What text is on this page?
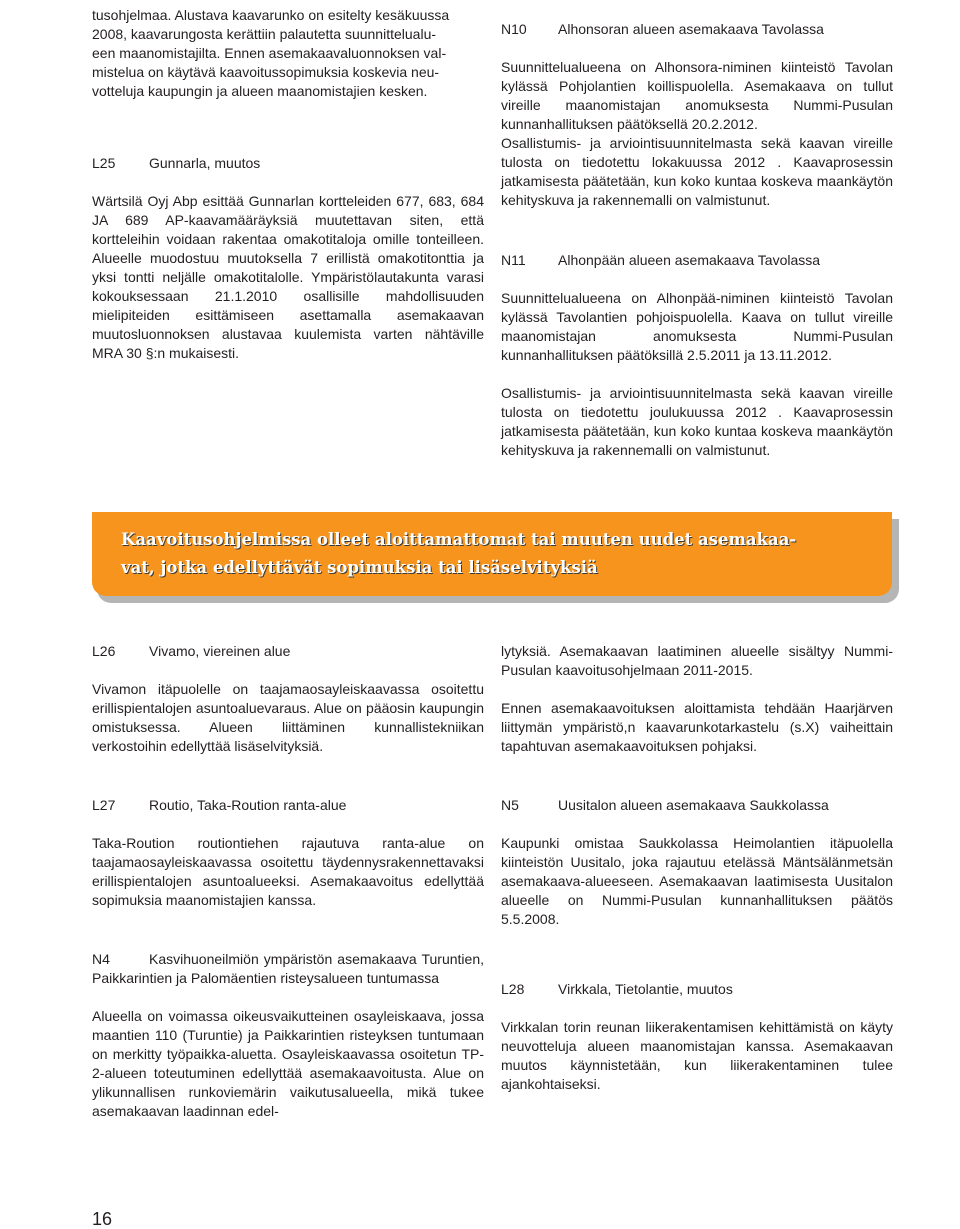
tusohjelmaa. Alustava kaavarunko on esitelty kesäkuussa
2008, kaavarungosta kerättiin palautetta suunnittelualu-
een maanomistajilta. Ennen asemakaavaluonnoksen val-
mistelua on käytävä kaavoitussopimuksia koskevia neu-
votteluja kaupungin ja alueen maanomistajien kesken.
L25 Gunnarla, muutos

Wärtsilä Oyj Abp esittää Gunnarlan kortteleiden 677, 683, 684 JA 689 AP-kaavamääräyksiä muutettavan siten, että kortteleihin voidaan rakentaa omakotitaloja omille tonteilleen. Alueelle muodostuu muutoksella 7 erillistä omakotitonttia ja yksi tontti neljälle omakotitalolle. Ympäristölautakunta varasi kokouksessaan 21.1.2010 osallisille mahdollisuuden mielipiteiden esittämiseen asettamalla asemakaavan muutosluonnoksen alustavaa kuulemista varten nähtäville MRA 30 §:n mukaisesti.

N10 Alhonsoran alueen asemakaava Tavolassa

Suunnittelualueena on Alhonsora-niminen kiinteistö Tavolan kylässä Pohjolantien koillispuolella. Asemakaava on tullut vireille maanomistajan anomuksesta Nummi-Pusulan kunnanhallituksen päätöksellä 20.2.2012.

Osallistumis- ja arviointisuunnitelmasta sekä kaavan vireille tulosta on tiedotettu lokakuussa 2012 . Kaavaprosessin jatkamisesta päätetään, kun koko kuntaa koskeva maankäytön kehityskuva ja rakennemalli on valmistunut.

N11 Alhonpään alueen asemakaava Tavolassa

Suunnittelualueena on Alhonpää-niminen kiinteistö Tavolan kylässä Tavolantien pohjoispuolella. Kaava on tullut vireille maanomistajan anomuksesta Nummi-Pusulan kunnanhallituksen päätöksillä 2.5.2011 ja 13.11.2012.

Osallistumis- ja arviointisuunnitelmasta sekä kaavan vireille tulosta on tiedotettu joulukuussa 2012 . Kaavaprosessin jatkamisesta päätetään, kun koko kuntaa koskeva maankäytön kehityskuva ja rakennemalli on valmistunut.

Kaavoitusohjelmissa olleet aloittamattomat tai muuten uudet asemakaa-
vat, jotka edellyttävät sopimuksia tai lisäselvityksiä
L26 Vivamo, viereinen alue

Vivamon itäpuolelle on taajamaosayleiskaavassa osoitettu erillispientalojen asuntoaluevaraus. Alue on pääosin kaupungin omistuksessa. Alueen liittäminen kunnallistekniikan verkostoihin edellyttää lisäselvityksiä.

L27 Routio, Taka-Roution ranta-alue

Taka-Roution routiontiehen rajautuva ranta-alue on taajamaosayleiskaavassa osoitettu täydennysrakennettavaksi erillispientalojen asuntoalueeksi. Asemakaavoitus edellyttää sopimuksia maanomistajien kanssa.

N4	Kasvihuoneilmiön ympäristön asemakaava Turuntien, Paikkarintien ja Palomäentien risteysalueen tuntumassa

Alueella on voimassa oikeusvaikutteinen osayleiskaava, jossa maantien 110 (Turuntie) ja Paikkarintien risteyksen tuntumaan on merkitty työpaikka-aluetta. Osayleiskaavassa osoitetun TP-2-alueen toteutuminen edellyttää asemakaavoitusta. Alue on ylikunnallisen runkoviemärin vaikutusalueella, mikä tukee asemakaavan laadinnan edel-

lytyksiä. Asemakaavan laatiminen alueelle sisältyy Nummi-Pusulan kaavoitusohjelmaan 2011-2015.

Ennen asemakaavoituksen aloittamista tehdään Haarjärven liittymän ympäristö,n kaavarunkotarkastelu (s.X) vaiheittain tapahtuvan asemakaavoituksen pohjaksi.

N5	Uusitalon alueen asemakaava Saukkolassa

Kaupunki omistaa Saukkolassa Heimolantien itäpuolella kiinteistön Uusitalo, joka rajautuu etelässä Mäntsälänmetsän asemakaava-alueeseen. Asemakaavan laatimisesta Uusitalon alueelle on Nummi-Pusulan kunnanhallituksen päätös 5.5.2008.

L28 Virkkala, Tietolantie, muutos

Virkkalan torin reunan liikerakentamisen kehittämistä on käyty neuvotteluja alueen maanomistajan kanssa. Asemakaavan muutos käynnistetään, kun liikerakentaminen tulee ajankohtaiseksi.

16
